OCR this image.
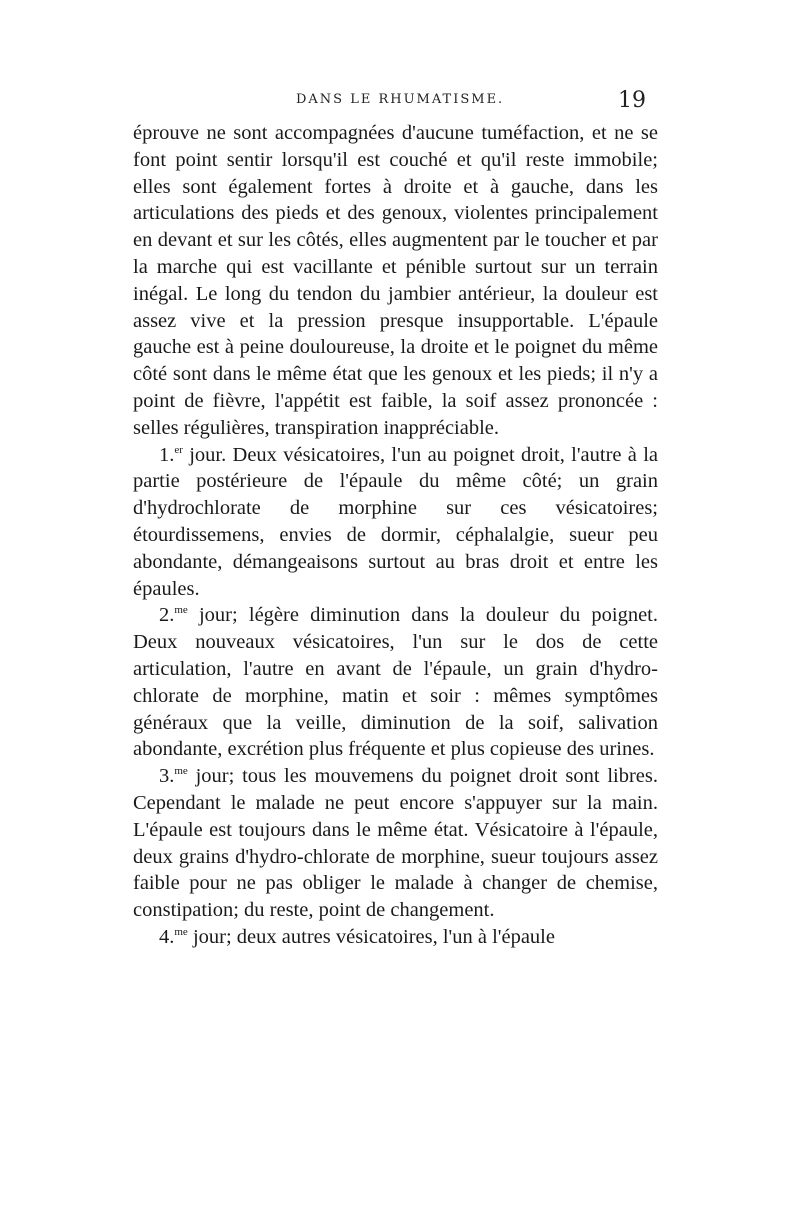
DANS LE RHUMATISME.	19

éprouve ne sont accompagnées d'aucune tuméfaction, et ne se font point sentir lorsqu'il est couché et qu'il reste immobile; elles sont également fortes à droite et à gauche, dans les articulations des pieds et des genoux, violentes principalement en devant et sur les côtés, elles augmentent par le toucher et par la marche qui est vacillante et pénible surtout sur un terrain inégal. Le long du tendon du jambier antérieur, la douleur est assez vive et la pression presque insupportable. L'épaule gauche est à peine douloureuse, la droite et le poignet du même côté sont dans le même état que les genoux et les pieds; il n'y a point de fièvre, l'appétit est faible, la soif assez prononcée : selles régulières, transpiration inappréciable.

1.$^{er}$ jour. Deux vésicatoires, l'un au poignet droit, l'autre à la partie postérieure de l'épaule du même côté; un grain d'hydrochlorate de morphine sur ces vésicatoires; étourdissemens, envies de dormir, céphalalgie, sueur peu abondante, démangeaisons surtout au bras droit et entre les épaules.

2.$^{me}$ jour; légère diminution dans la douleur du poignet. Deux nouveaux vésicatoires, l'un sur le dos de cette articulation, l'autre en avant de l'épaule, un grain d'hydro-chlorate de morphine, matin et soir : mêmes symptômes généraux que la veille, diminution de la soif, salivation abondante, excrétion plus fréquente et plus copieuse des urines.

3.$^{me}$ jour; tous les mouvemens du poignet droit sont libres. Cependant le malade ne peut encore s'appuyer sur la main. L'épaule est toujours dans le même état. Vésicatoire à l'épaule, deux grains d'hydro-chlorate de morphine, sueur toujours assez faible pour ne pas obliger le malade à changer de chemise, constipation; du reste, point de changement.

4.$^{me}$ jour; deux autres vésicatoires, l'un à l'épaule
